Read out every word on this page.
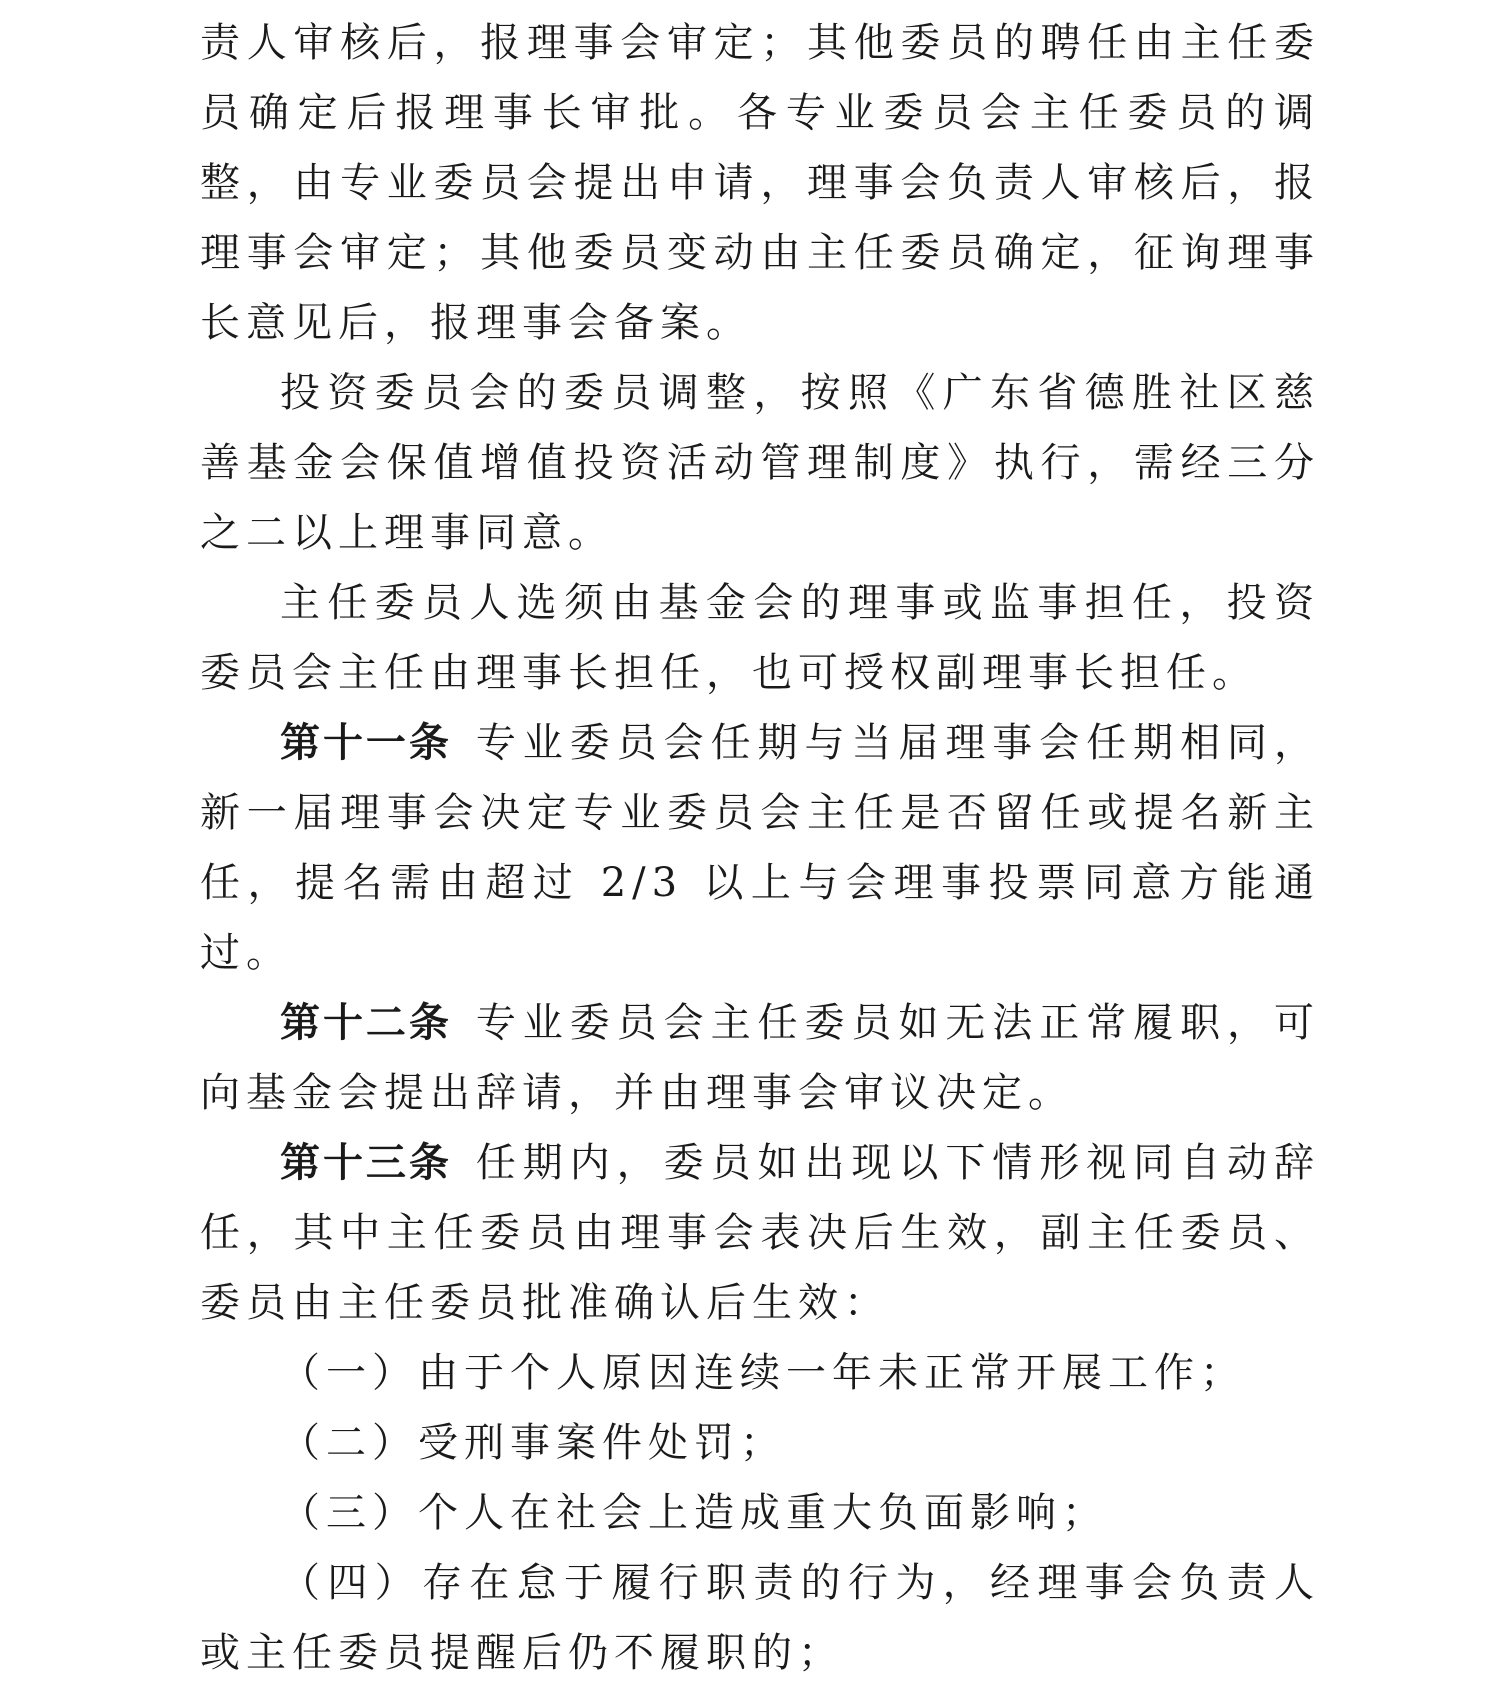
责人审核后，报理事会审定；其他委员的聘任由主任委员确定后报理事长审批。各专业委员会主任委员的调整，由专业委员会提出申请，理事会负责人审核后，报理事会审定；其他委员变动由主任委员确定，征询理事长意见后，报理事会备案。

投资委员会的委员调整，按照《广东省德胜社区慈善基金会保值增值投资活动管理制度》执行，需经三分之二以上理事同意。

主任委员人选须由基金会的理事或监事担任，投资委员会主任由理事长担任，也可授权副理事长担任。

第十一条 专业委员会任期与当届理事会任期相同，新一届理事会决定专业委员会主任是否留任或提名新主任，提名需由超过 2/3 以上与会理事投票同意方能通过。

第十二条 专业委员会主任委员如无法正常履职，可向基金会提出辞请，并由理事会审议决定。

第十三条 任期内，委员如出现以下情形视同自动辞任，其中主任委员由理事会表决后生效，副主任委员、委员由主任委员批准确认后生效：

（一）由于个人原因连续一年未正常开展工作；

（二）受刑事案件处罚；

（三）个人在社会上造成重大负面影响；

（四）存在怠于履行职责的行为，经理事会负责人或主任委员提醒后仍不履职的；
